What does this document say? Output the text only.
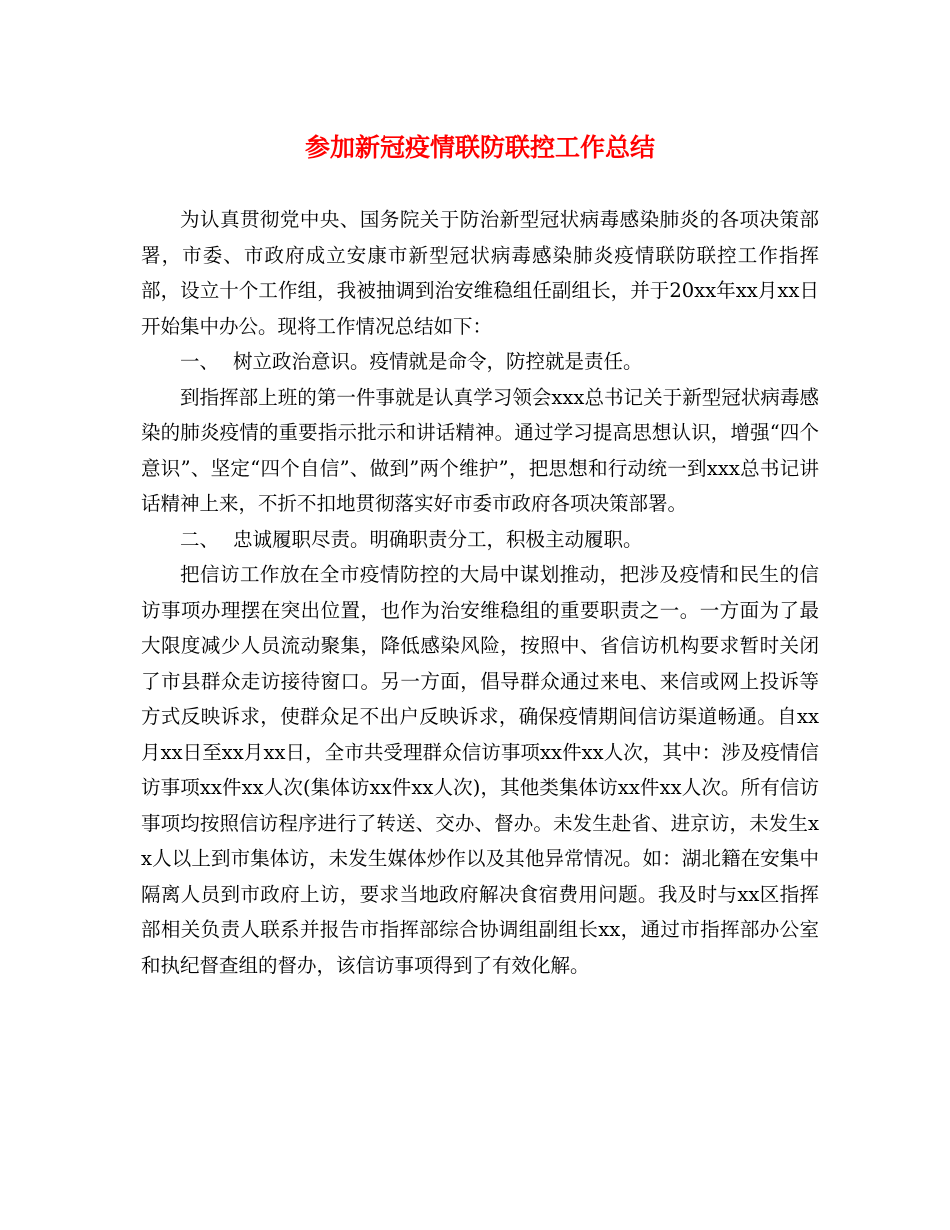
参加新冠疫情联防联控工作总结

为认真贯彻党中央、国务院关于防治新型冠状病毒感染肺炎的各项决策部署，市委、市政府成立安康市新型冠状病毒感染肺炎疫情联防联控工作指挥部，设立十个工作组，我被抽调到治安维稳组任副组长，并于20xx年xx月xx日开始集中办公。现将工作情况总结如下：

一、 树立政治意识。疫情就是命令，防控就是责任。

到指挥部上班的第一件事就是认真学习领会xxx总书记关于新型冠状病毒感染的肺炎疫情的重要指示批示和讲话精神。通过学习提高思想认识，增强“四个意识”、坚定“四个自信”、做到”两个维护”，把思想和行动统一到xxx总书记讲话精神上来，不折不扣地贯彻落实好市委市政府各项决策部署。

二、 忠诚履职尽责。明确职责分工，积极主动履职。

把信访工作放在全市疫情防控的大局中谋划推动，把涉及疫情和民生的信访事项办理摆在突出位置，也作为治安维稳组的重要职责之一。一方面为了最大限度减少人员流动聚集，降低感染风险，按照中、省信访机构要求暂时关闭了市县群众走访接待窗口。另一方面，倡导群众通过来电、来信或网上投诉等方式反映诉求，使群众足不出户反映诉求，确保疫情期间信访渠道畅通。自xx月xx日至xx月xx日，全市共受理群众信访事项xx件xx人次，其中：涉及疫情信访事项xx件xx人次(集体访xx件xx人次)，其他类集体访xx件xx人次。所有信访事项均按照信访程序进行了转送、交办、督办。未发生赴省、进京访，未发生xx人以上到市集体访，未发生媒体炒作以及其他异常情况。如：湖北籍在安集中隔离人员到市政府上访，要求当地政府解决食宿费用问题。我及时与xx区指挥部相关负责人联系并报告市指挥部综合协调组副组长xx，通过市指挥部办公室和执纪督查组的督办，该信访事项得到了有效化解。
